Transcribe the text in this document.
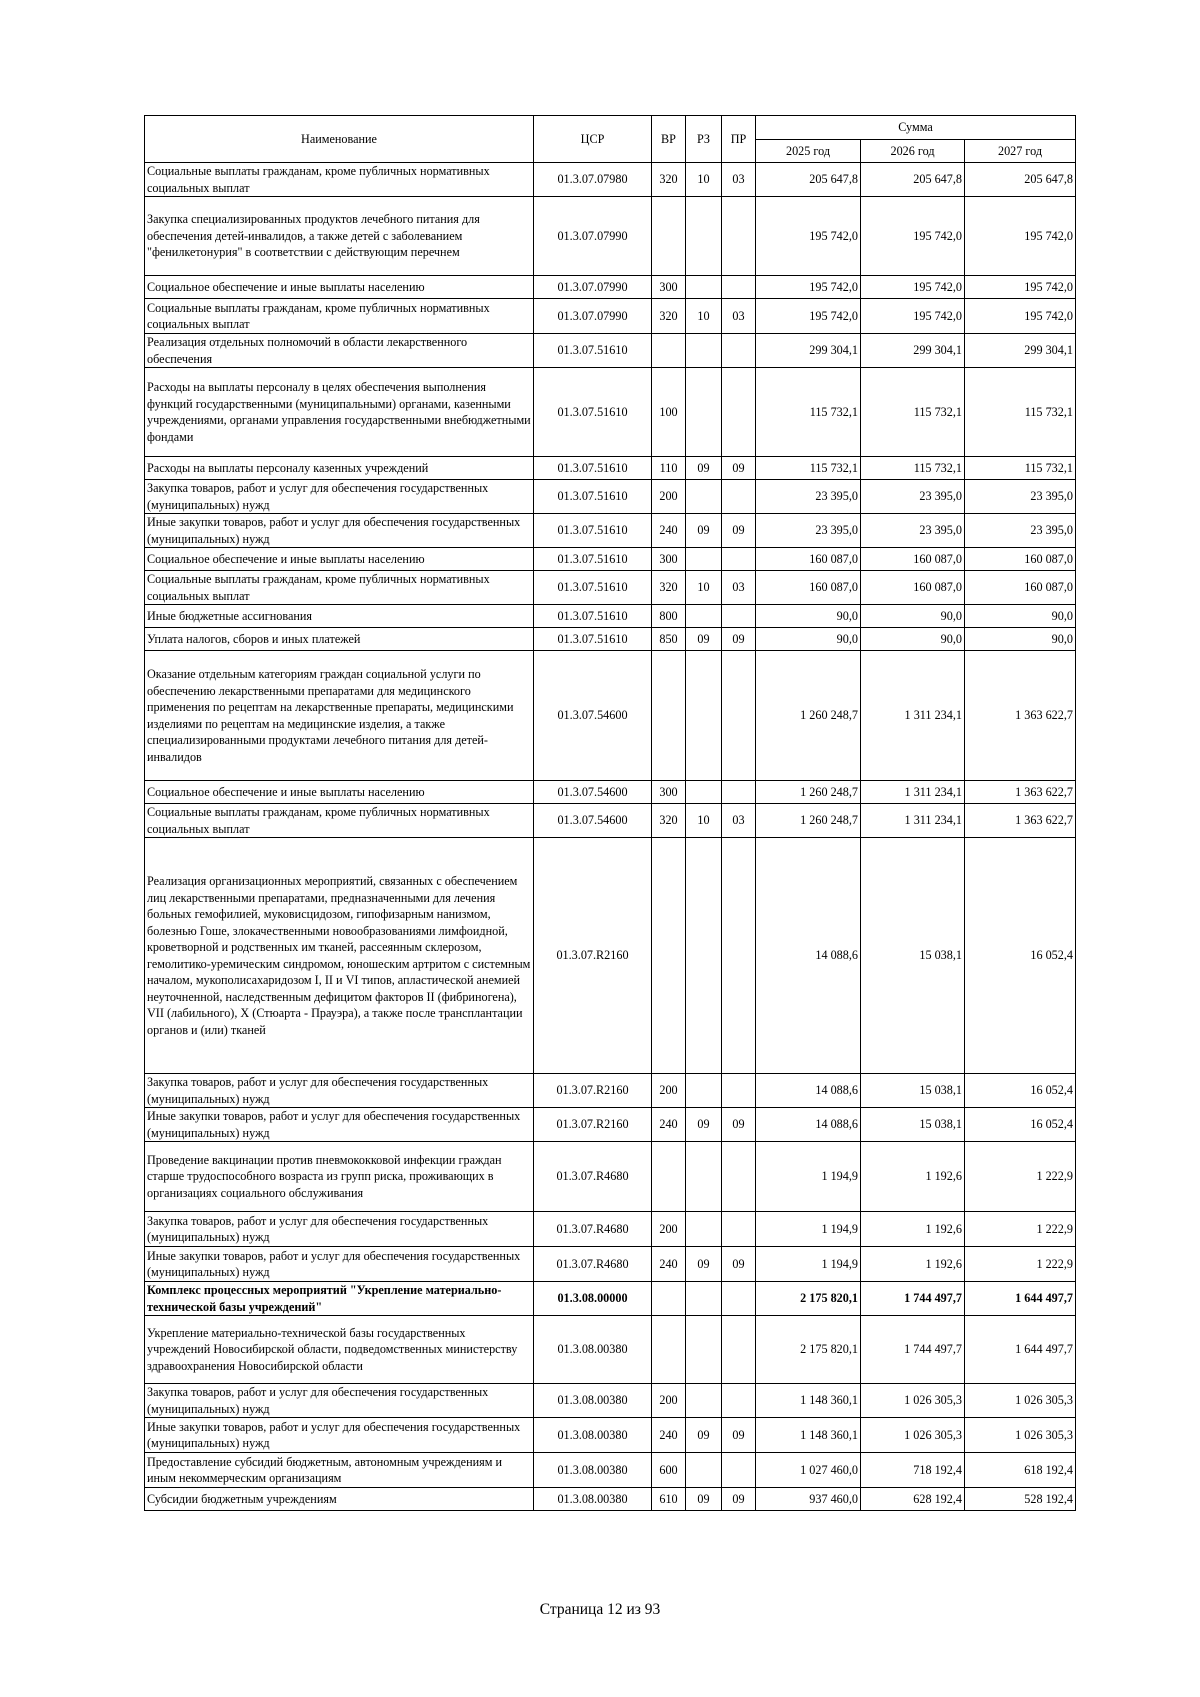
Наименование	ЦСР	ВР	РЗ	ПР	Сумма		
					2025 год	2026 год	2027 год
Социальные выплаты гражданам, кроме публичных нормативных социальных выплат	01.3.07.07980	320	10	03	205 647,8	205 647,8	205 647,8
Закупка специализированных продуктов лечебного питания для обеспечения детей-инвалидов, а также детей с заболеванием "фенилкетонурия" в соответствии с действующим перечнем	01.3.07.07990				195 742,0	195 742,0	195 742,0
Социальное обеспечение и иные выплаты населению	01.3.07.07990	300			195 742,0	195 742,0	195 742,0
Социальные выплаты гражданам, кроме публичных нормативных социальных выплат	01.3.07.07990	320	10	03	195 742,0	195 742,0	195 742,0
Реализация отдельных полномочий в области лекарственного обеспечения	01.3.07.51610				299 304,1	299 304,1	299 304,1
Расходы на выплаты персоналу в целях обеспечения выполнения функций государственными (муниципальными) органами, казенными учреждениями, органами управления государственными внебюджетными фондами	01.3.07.51610	100			115 732,1	115 732,1	115 732,1
Расходы на выплаты персоналу казенных учреждений	01.3.07.51610	110	09	09	115 732,1	115 732,1	115 732,1
Закупка товаров, работ и услуг для обеспечения государственных (муниципальных) нужд	01.3.07.51610	200			23 395,0	23 395,0	23 395,0
Иные закупки товаров, работ и услуг для обеспечения государственных (муниципальных) нужд	01.3.07.51610	240	09	09	23 395,0	23 395,0	23 395,0
Социальное обеспечение и иные выплаты населению	01.3.07.51610	300			160 087,0	160 087,0	160 087,0
Социальные выплаты гражданам, кроме публичных нормативных социальных выплат	01.3.07.51610	320	10	03	160 087,0	160 087,0	160 087,0
Иные бюджетные ассигнования	01.3.07.51610	800			90,0	90,0	90,0
Уплата налогов, сборов и иных платежей	01.3.07.51610	850	09	09	90,0	90,0	90,0
Оказание отдельным категориям граждан социальной услуги по обеспечению лекарственными препаратами для медицинского применения по рецептам на лекарственные препараты, медицинскими изделиями по рецептам на медицинские изделия, а также специализированными продуктами лечебного питания для детей-инвалидов	01.3.07.54600				1 260 248,7	1 311 234,1	1 363 622,7
Социальное обеспечение и иные выплаты населению	01.3.07.54600	300			1 260 248,7	1 311 234,1	1 363 622,7
Социальные выплаты гражданам, кроме публичных нормативных социальных выплат	01.3.07.54600	320	10	03	1 260 248,7	1 311 234,1	1 363 622,7
Реализация организационных мероприятий, связанных с обеспечением лиц лекарственными препаратами, предназначенными для лечения больных гемофилией, муковисцидозом, гипофизарным нанизмом, болезнью Гоше, злокачественными новообразованиями лимфоидной, кроветворной и родственных им тканей, рассеянным склерозом, гемолитико-уремическим синдромом, юношеским артритом с системным началом, мукополисахаридозом I, II и VI типов, апластической анемией неуточненной, наследственным дефицитом факторов II (фибриногена), VII (лабильного), X (Стюарта - Прауэра), а также после трансплантации органов и (или) тканей	01.3.07.R2160				14 088,6	15 038,1	16 052,4
Закупка товаров, работ и услуг для обеспечения государственных (муниципальных) нужд	01.3.07.R2160	200			14 088,6	15 038,1	16 052,4
Иные закупки товаров, работ и услуг для обеспечения государственных (муниципальных) нужд	01.3.07.R2160	240	09	09	14 088,6	15 038,1	16 052,4
Проведение вакцинации против пневмококковой инфекции граждан старше трудоспособного возраста из групп риска, проживающих в организациях социального обслуживания	01.3.07.R4680				1 194,9	1 192,6	1 222,9
Закупка товаров, работ и услуг для обеспечения государственных (муниципальных) нужд	01.3.07.R4680	200			1 194,9	1 192,6	1 222,9
Иные закупки товаров, работ и услуг для обеспечения государственных (муниципальных) нужд	01.3.07.R4680	240	09	09	1 194,9	1 192,6	1 222,9
Комплекс процессных мероприятий "Укрепление материально-технической базы учреждений"	01.3.08.00000				2 175 820,1	1 744 497,7	1 644 497,7
Укрепление материально-технической базы государственных учреждений Новосибирской области, подведомственных министерству здравоохранения Новосибирской области	01.3.08.00380				2 175 820,1	1 744 497,7	1 644 497,7
Закупка товаров, работ и услуг для обеспечения государственных (муниципальных) нужд	01.3.08.00380	200			1 148 360,1	1 026 305,3	1 026 305,3
Иные закупки товаров, работ и услуг для обеспечения государственных (муниципальных) нужд	01.3.08.00380	240	09	09	1 148 360,1	1 026 305,3	1 026 305,3
Предоставление субсидий бюджетным, автономным учреждениям и иным некоммерческим организациям	01.3.08.00380	600			1 027 460,0	718 192,4	618 192,4
Субсидии бюджетным учреждениям	01.3.08.00380	610	09	09	937 460,0	628 192,4	528 192,4
Страница 12 из 93
